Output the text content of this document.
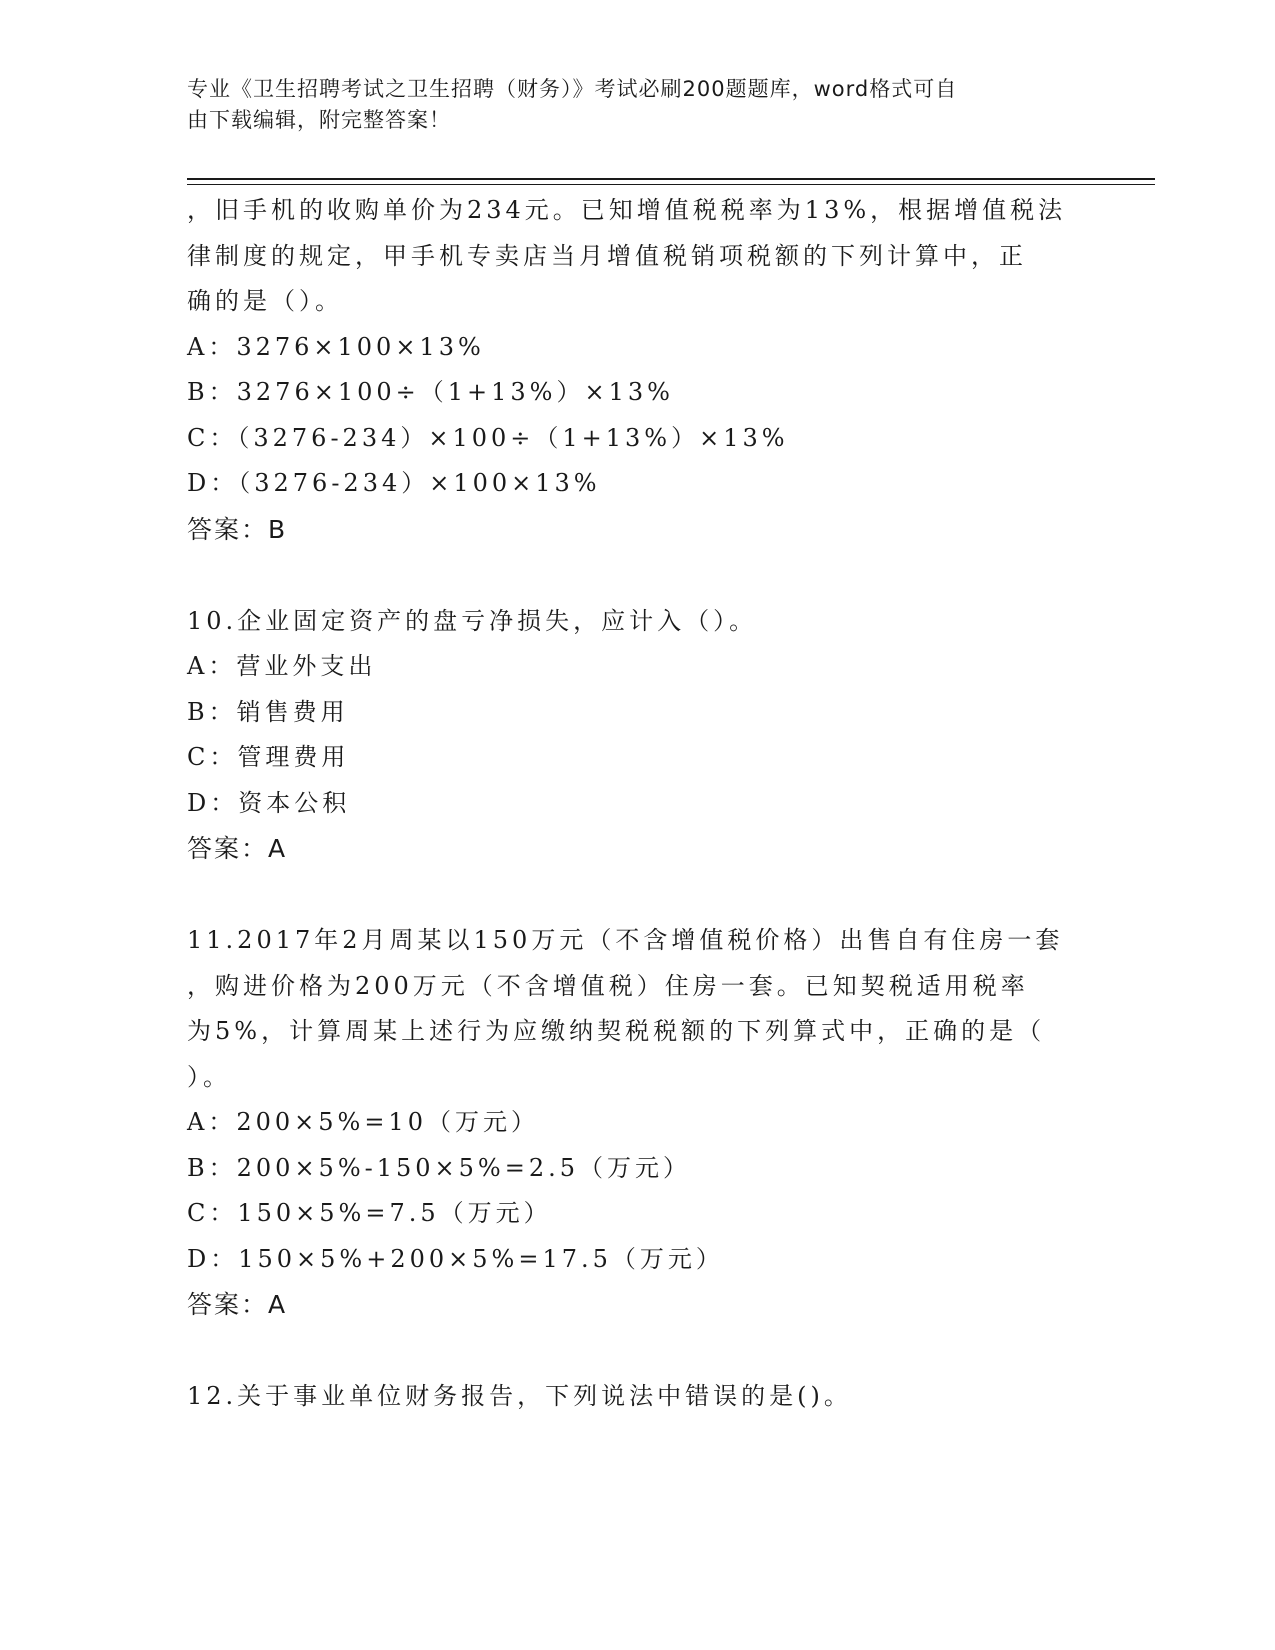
专业《卫生招聘考试之卫生招聘（财务）》考试必刷200题题库，word格式可自
由下载编辑，附完整答案！
，旧手机的收购单价为234元。已知增值税税率为13%，根据增值税法
律制度的规定，甲手机专卖店当月增值税销项税额的下列计算中，正
确的是（）。
A：3276×100×13%
B：3276×100÷（1+13%）×13%
C：（3276-234）×100÷（1+13%）×13%
D：（3276-234）×100×13%
答案：B
10.企业固定资产的盘亏净损失，应计入（）。
A：营业外支出
B：销售费用
C：管理费用
D：资本公积
答案：A
11.2017年2月周某以150万元（不含增值税价格）出售自有住房一套
，购进价格为200万元（不含增值税）住房一套。已知契税适用税率
为5%，计算周某上述行为应缴纳契税税额的下列算式中，正确的是（
）。
A：200×5%=10（万元）
B：200×5%-150×5%=2.5（万元）
C：150×5%=7.5（万元）
D：150×5%+200×5%=17.5（万元）
答案：A
12.关于事业单位财务报告，下列说法中错误的是()。
